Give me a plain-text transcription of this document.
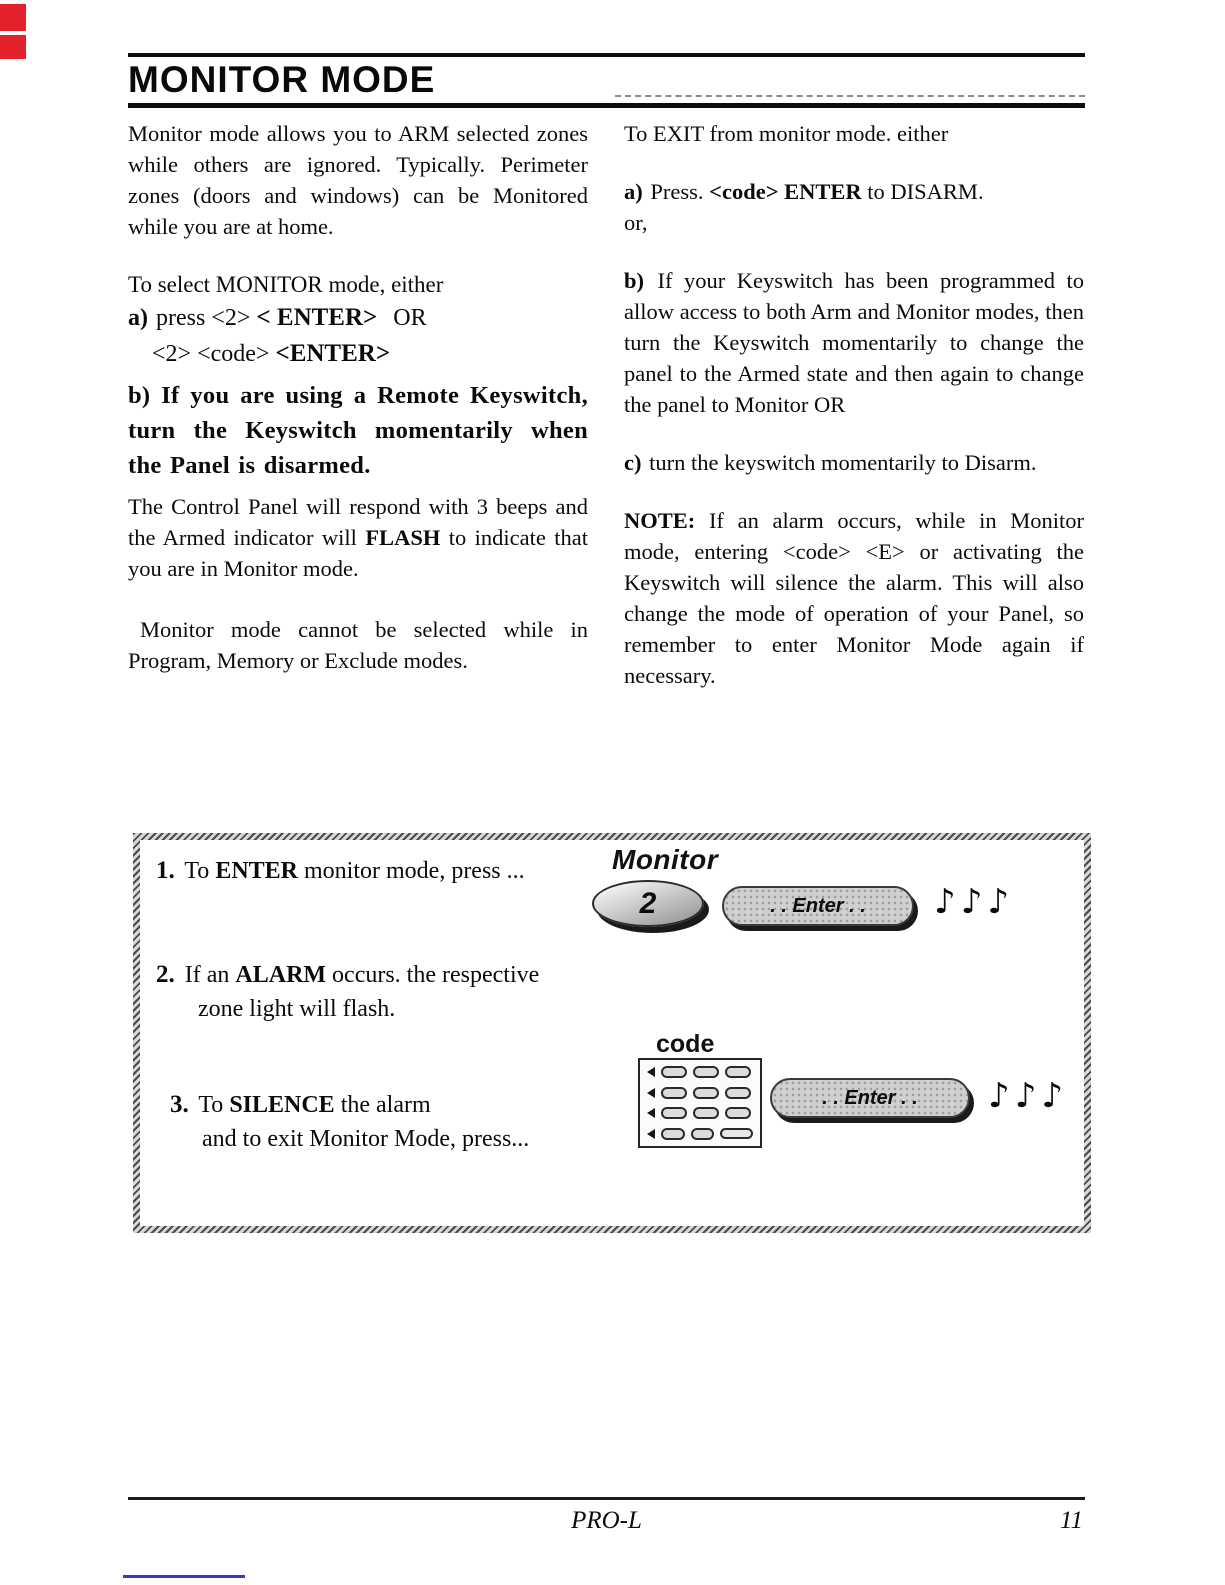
MONITOR MODE

Monitor mode allows you to ARM selected zones while others are ignored. Typically. Perimeter zones (doors and windows) can be Monitored while you are at home.

To select MONITOR mode, either
a) press <2> < ENTER> OR
<2> <code> <ENTER>

b) If you are using a Remote Keyswitch, turn the Keyswitch momentarily when the Panel is disarmed.

The Control Panel will respond with 3 beeps and the Armed indicator will FLASH to indicate that you are in Monitor mode.

Monitor mode cannot be selected while in Program, Memory or Exclude modes.

To EXIT from monitor mode. either

a) Press. <code> ENTER to DISARM.
or,

b) If your Keyswitch has been programmed to allow access to both Arm and Monitor modes, then turn the Keyswitch momentarily to change the panel to the Armed state and then again to change the panel to Monitor OR

c) turn the keyswitch momentarily to Disarm.

NOTE: If an alarm occurs, while in Monitor mode, entering <code> <E> or activating the Keyswitch will silence the alarm. This will also change the mode of operation of your Panel, so remember to enter Monitor Mode again if necessary.

1. To ENTER monitor mode, press ...	Monitor
2	. . Enter . . ♪♪♪

2. If an ALARM occurs. the respective
zone light will flash.

code

3. To SILENCE the alarm
and to exit Monitor Mode, press...

. . Enter . . ♪♪♪
PRO-L	11
